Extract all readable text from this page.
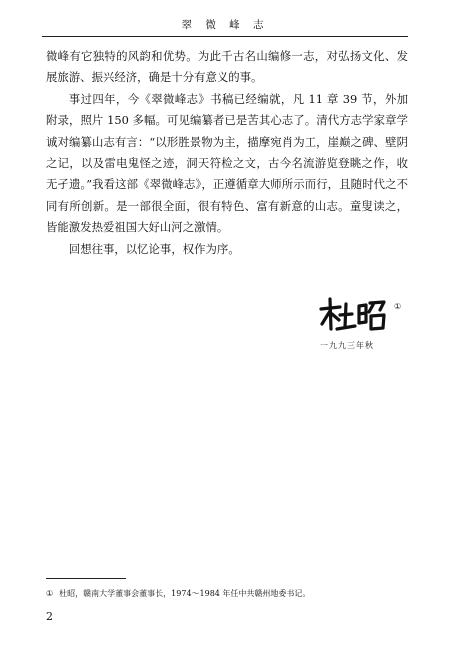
翠 微 峰 志

微峰有它独特的风韵和优势。为此千古名山编修一志，对弘扬文化、发展旅游、振兴经济，确是十分有意义的事。

事过四年，今《翠微峰志》书稿已经编就，凡 11 章 39 节，外加附录，照片 150 多幅。可见编纂者已是苦其心志了。清代方志学家章学诚对编纂山志有言：“以形胜景物为主，描摩宛肖为工，崖巅之碑、壁阴之记，以及雷电鬼怪之迹，洞天符检之文，古今名流游览登眺之作，收无孑遗。”我看这部《翠微峰志》，正遵循章大师所示而行，且随时代之不同有所创新。是一部很全面，很有特色、富有新意的山志。童叟读之，皆能激发热爱祖国大好山河之激情。

回想往事，以忆论事，权作为序。

①
一九九三年秋
① 杜昭，赣南大学董事会董事长，1974～1984 年任中共赣州地委书记。
2
